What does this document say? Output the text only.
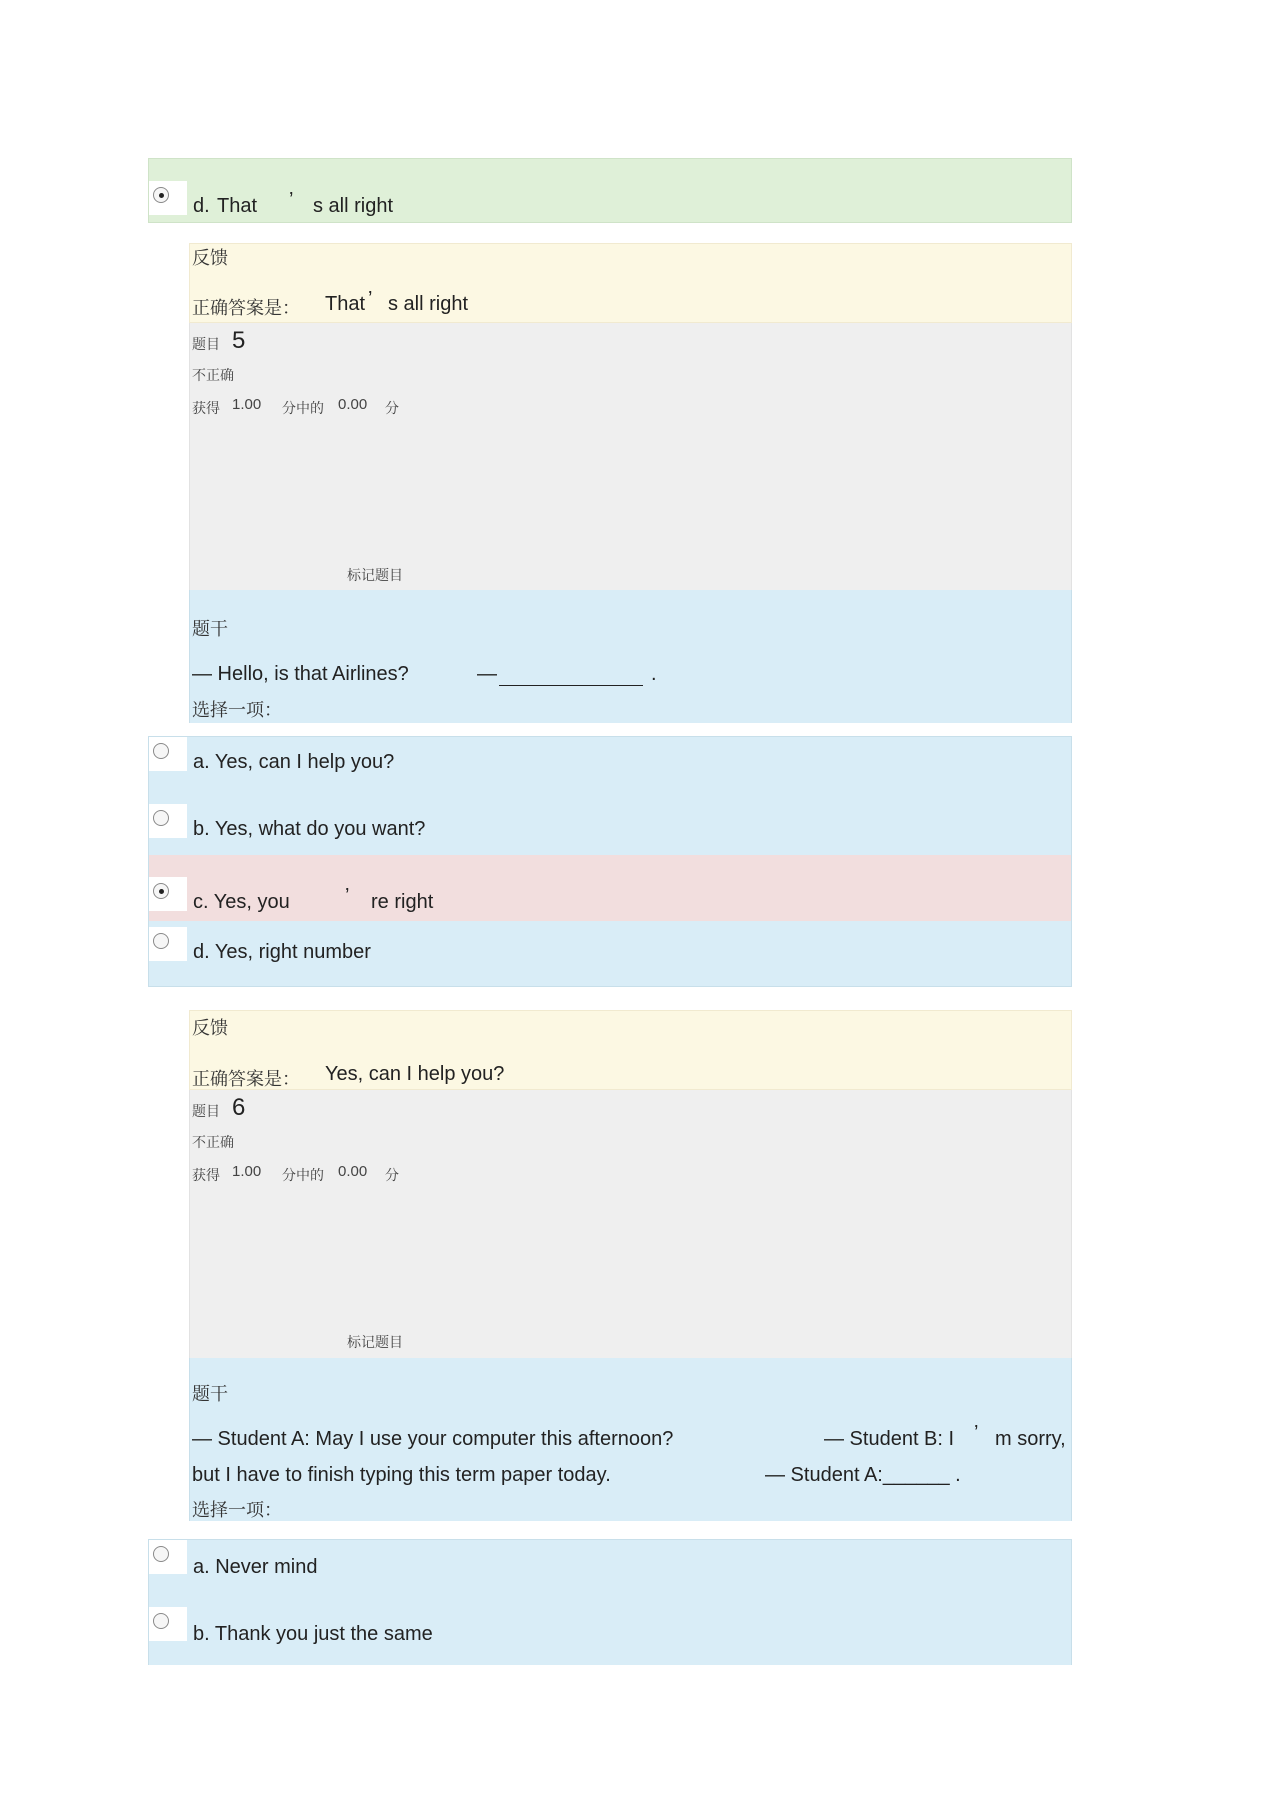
d. That ’ s all right
反馈
正确答案是： That ’ s all right
题目 5
不正确
获得 1.00 分中的 0.00 分
标记题目
题干
— Hello, is that Airlines?	—	.
选择一项：
a. Yes, can I help you?
b. Yes, what do you want?
c. Yes, you	’ re right
d. Yes, right number
反馈
正确答案是： Yes, can I help you?
题目 6
不正确
获得 1.00 分中的 0.00 分
标记题目
题干
— Student A: May I use your computer this afternoon?	— Student B: I ’ m sorry,
but I have to finish typing this term paper today.	— Student A:______ .
选择一项：
a. Never mind
b. Thank you just the same
